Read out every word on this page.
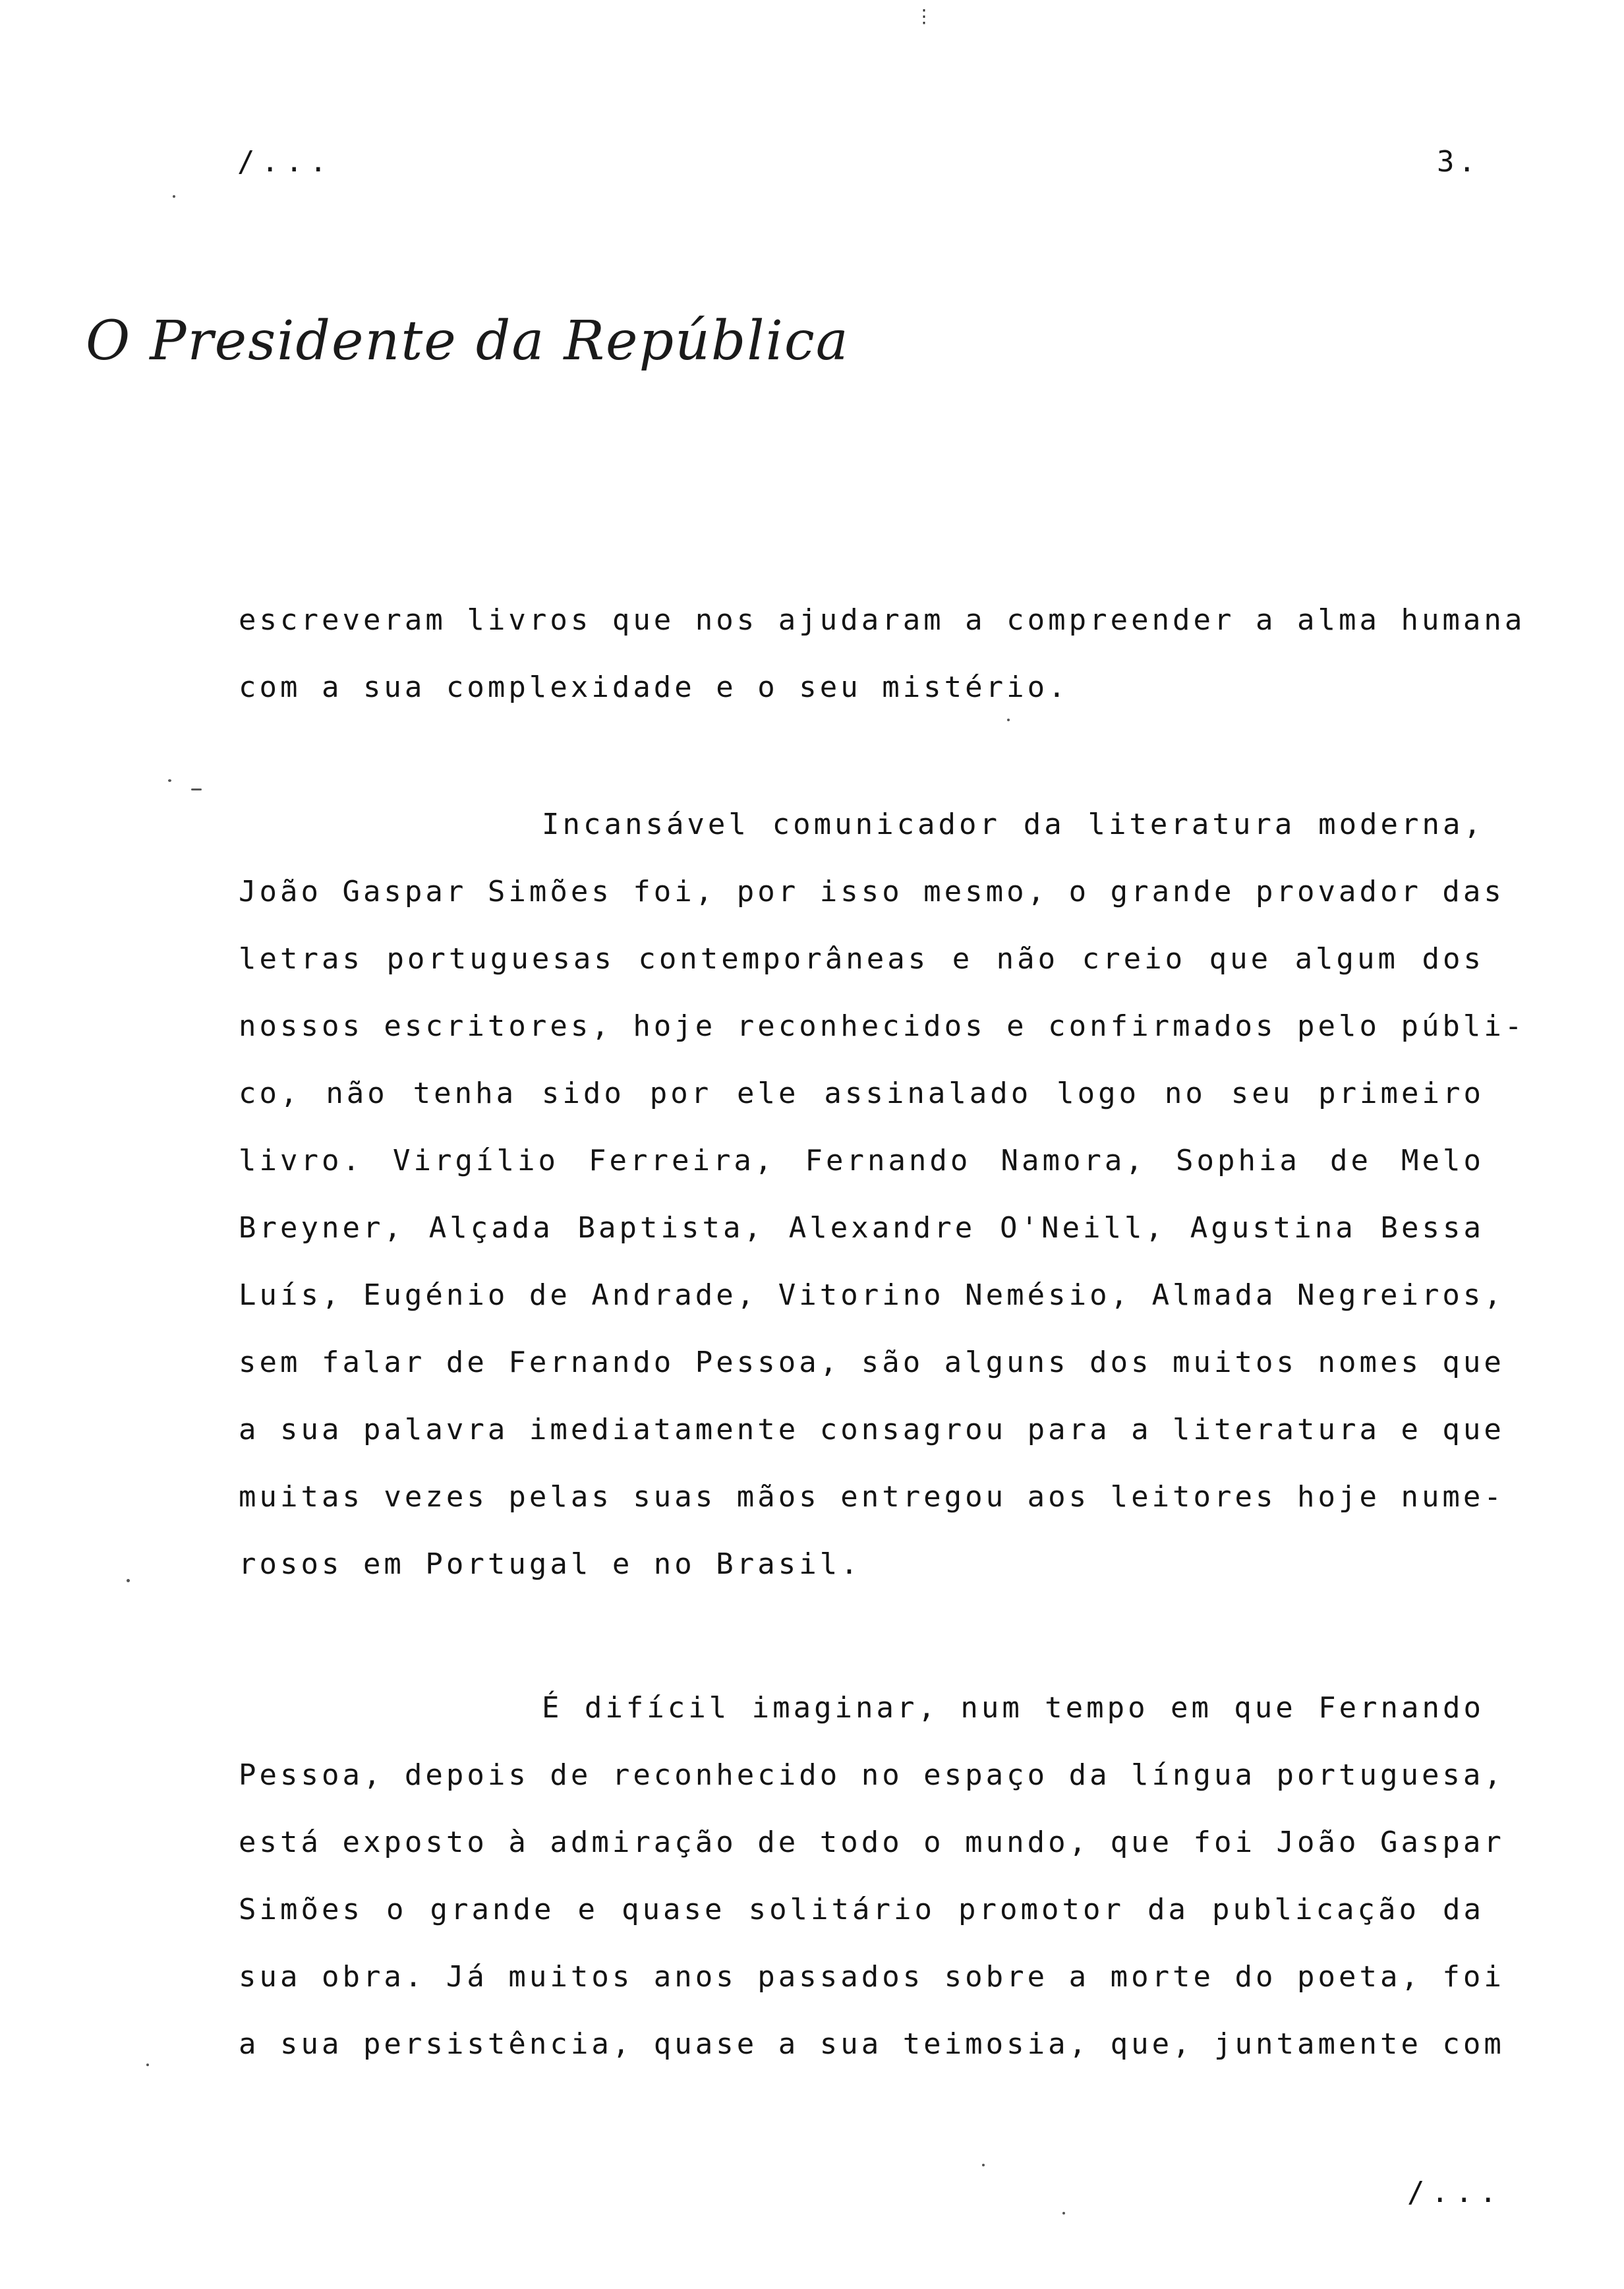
⋮
/...	3.
O Presidente da República
escreveram livros que nos ajudaram a compreender a alma humana
com a sua complexidade e o seu mistério.
Incansável comunicador da literatura moderna,
João Gaspar Simões foi, por isso mesmo, o grande provador das
letras portuguesas contemporâneas e não creio que algum dos
nossos escritores, hoje reconhecidos e confirmados pelo públi-
co, não tenha sido por ele assinalado logo no seu primeiro
livro. Virgílio Ferreira, Fernando Namora, Sophia de Melo
Breyner, Alçada Baptista, Alexandre O'Neill, Agustina Bessa
Luís, Eugénio de Andrade, Vitorino Nemésio, Almada Negreiros,
sem falar de Fernando Pessoa, são alguns dos muitos nomes que
a sua palavra imediatamente consagrou para a literatura e que
muitas vezes pelas suas mãos entregou aos leitores hoje nume-
rosos em Portugal e no Brasil.
É difícil imaginar, num tempo em que Fernando
Pessoa, depois de reconhecido no espaço da língua portuguesa,
está exposto à admiração de todo o mundo, que foi João Gaspar
Simões o grande e quase solitário promotor da publicação da
sua obra. Já muitos anos passados sobre a morte do poeta, foi
a sua persistência, quase a sua teimosia, que, juntamente com
/...
